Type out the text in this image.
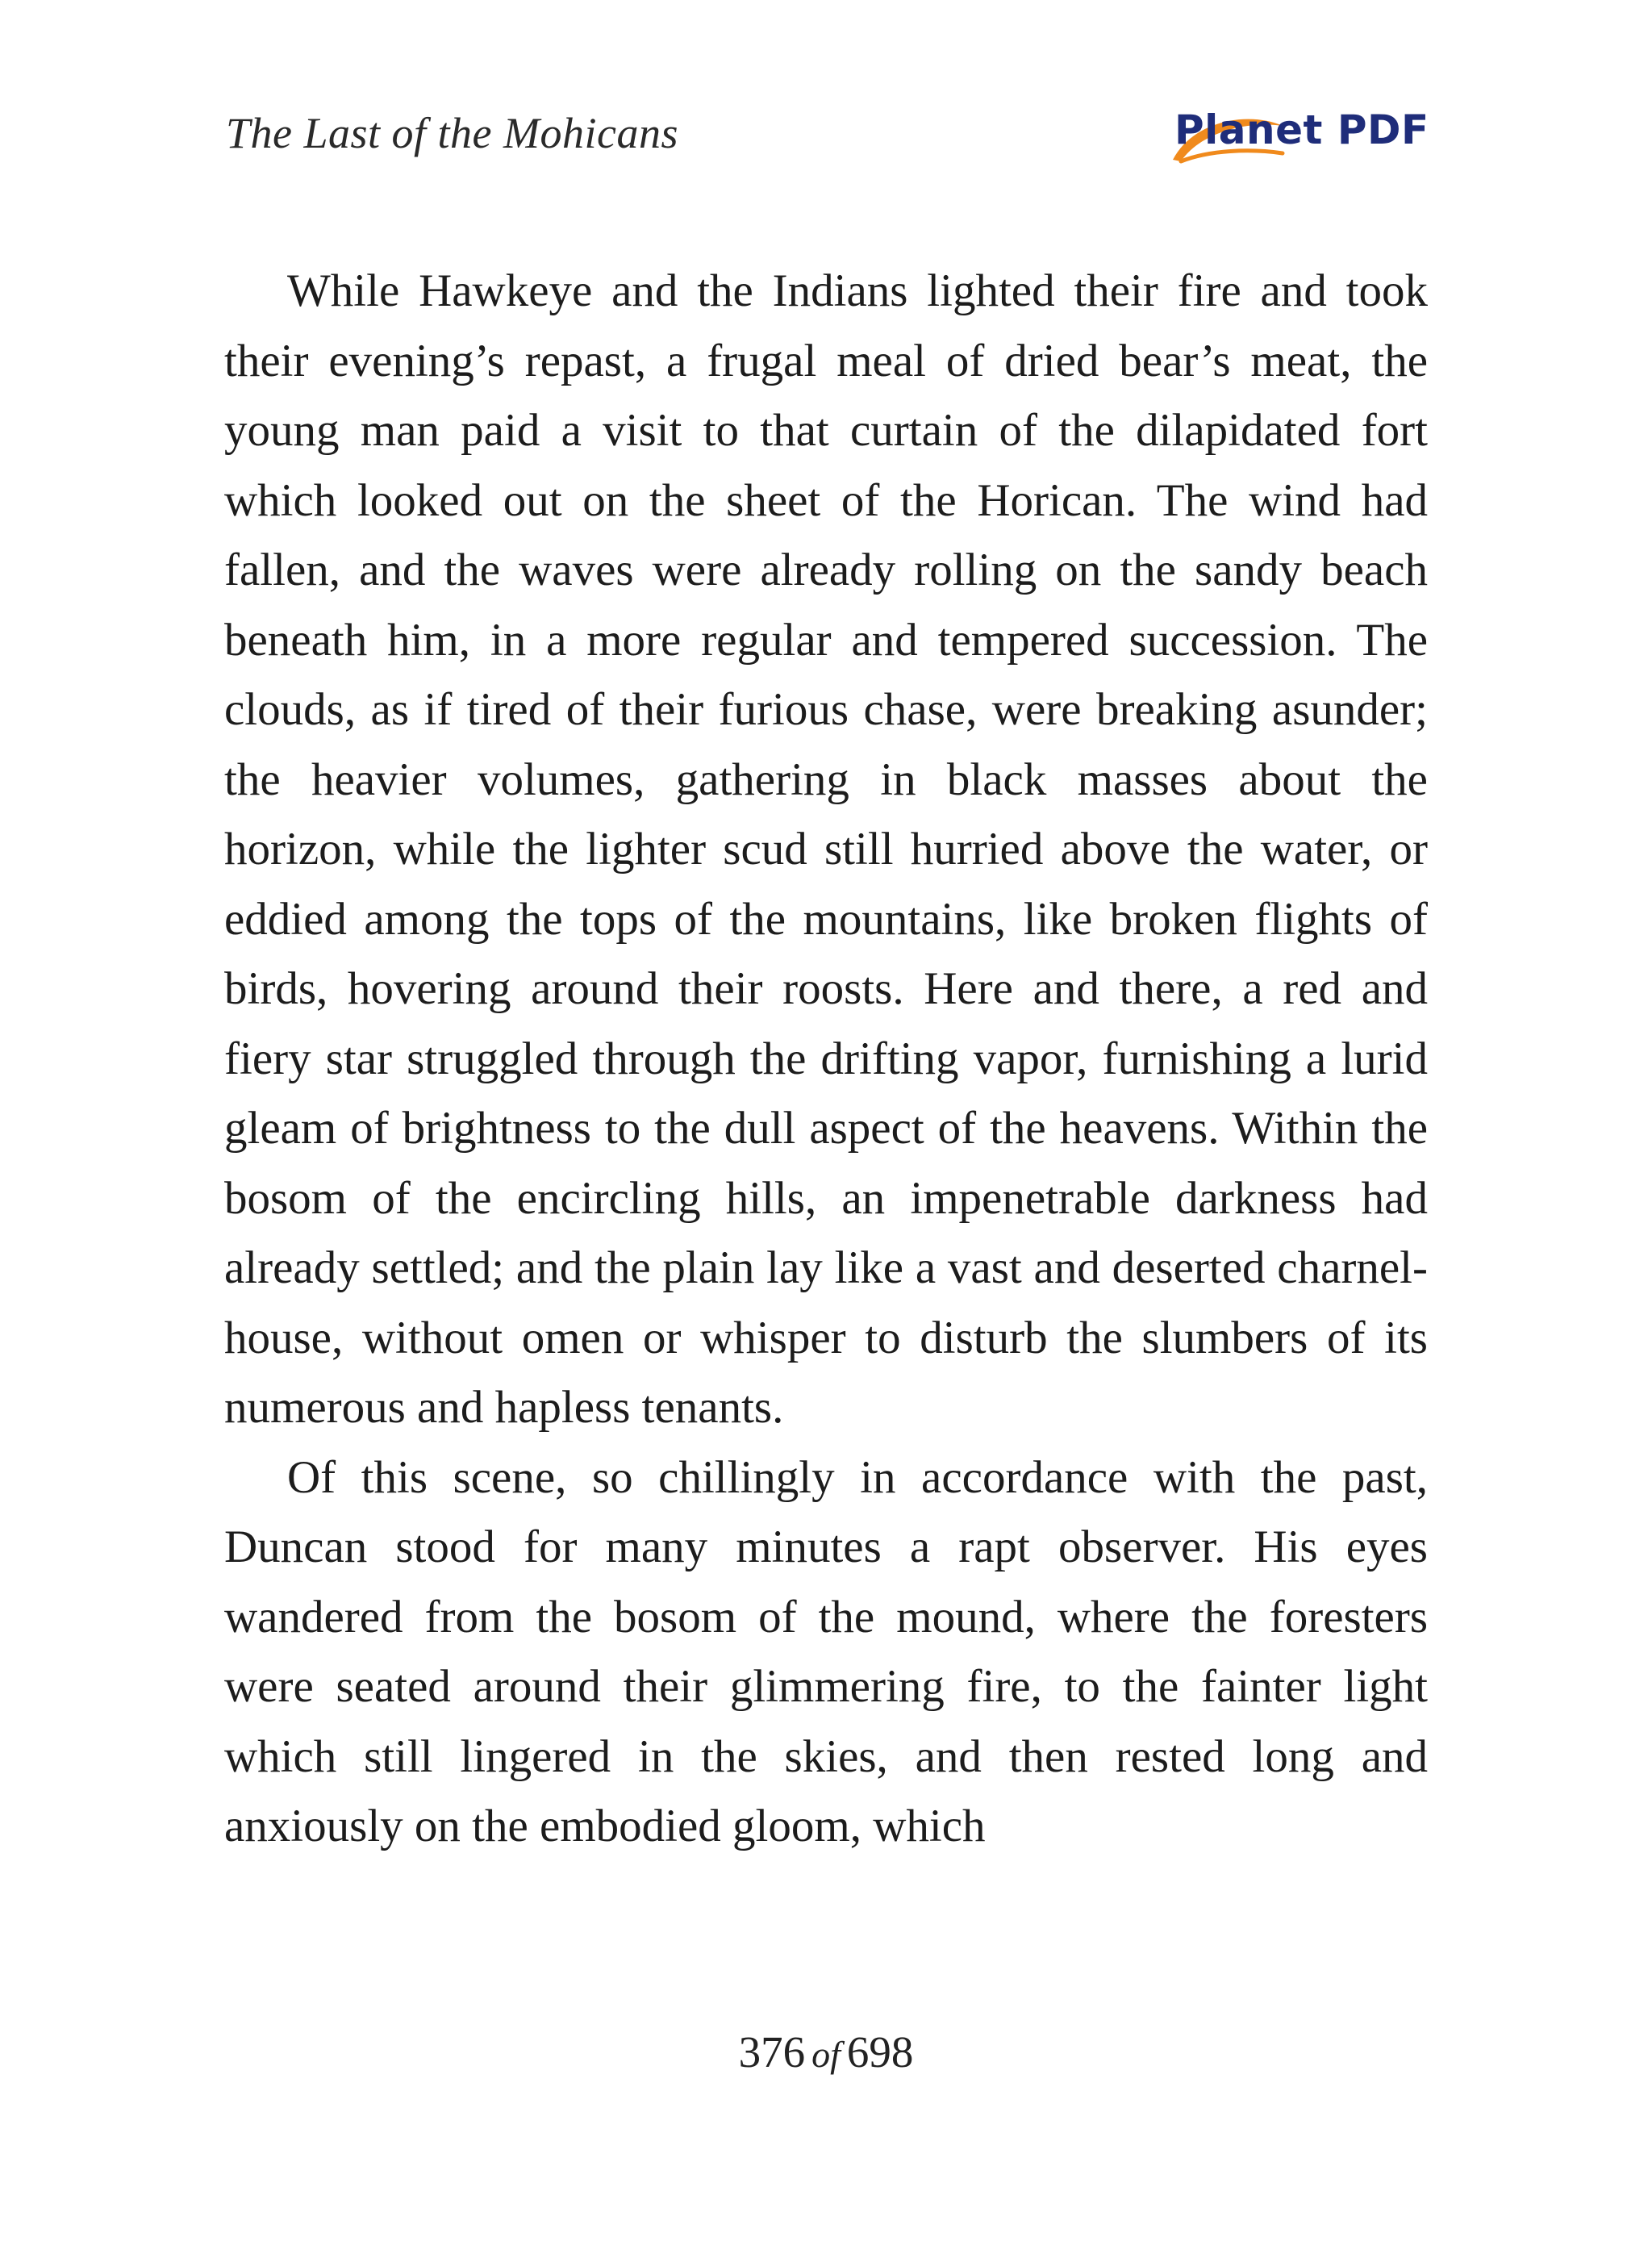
The Last of the Mohicans	Planet PDF

While Hawkeye and the Indians lighted their fire and took their evening’s repast, a frugal meal of dried bear’s meat, the young man paid a visit to that curtain of the dilapidated fort which looked out on the sheet of the Horican. The wind had fallen, and the waves were already rolling on the sandy beach beneath him, in a more regular and tempered succession. The clouds, as if tired of their furious chase, were breaking asunder; the heavier volumes, gathering in black masses about the horizon, while the lighter scud still hurried above the water, or eddied among the tops of the mountains, like broken flights of birds, hovering around their roosts. Here and there, a red and fiery star struggled through the drifting vapor, furnishing a lurid gleam of brightness to the dull aspect of the heavens. Within the bosom of the encircling hills, an impenetrable darkness had already settled; and the plain lay like a vast and deserted charnel-house, without omen or whisper to disturb the slumbers of its numerous and hapless tenants.

Of this scene, so chillingly in accordance with the past, Duncan stood for many minutes a rapt observer. His eyes wandered from the bosom of the mound, where the foresters were seated around their glimmering fire, to the fainter light which still lingered in the skies, and then rested long and anxiously on the embodied gloom, which

376 of 698
